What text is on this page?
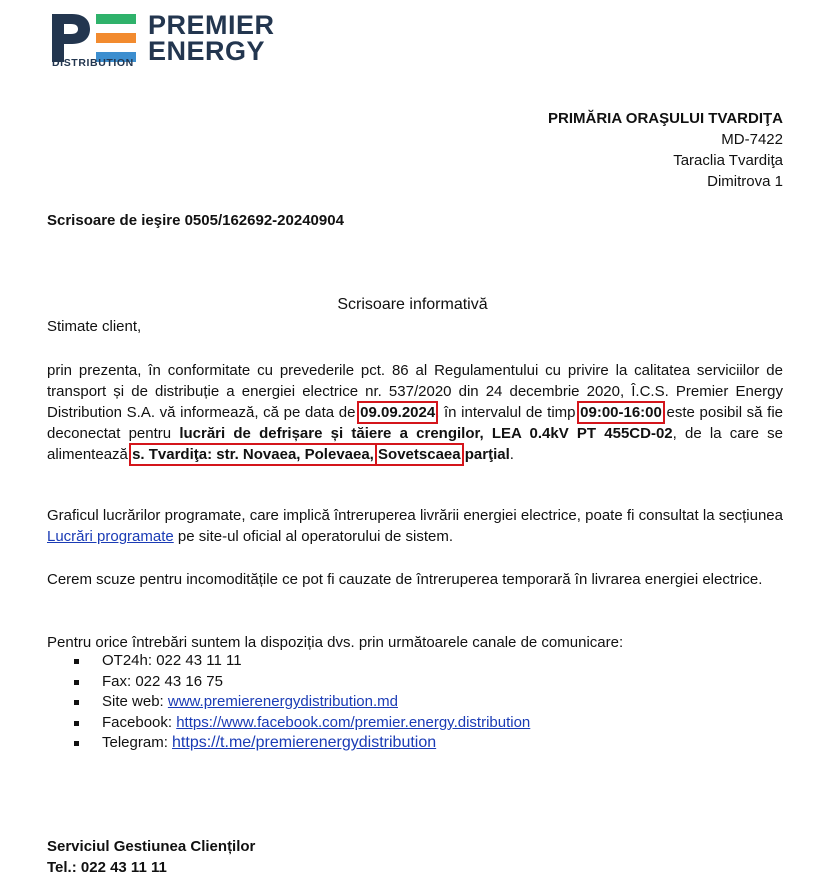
PREMIER
ENERGY
DISTRIBUTION
PRIMĂRIA ORAŞULUI TVARDIŢA
MD-7422
Taraclia Tvardiţa
Dimitrova 1
Scrisoare de ieşire 0505/162692-20240904
Scrisoare informativă
Stimate client,
prin prezenta, în conformitate cu prevederile pct. 86 al Regulamentului cu privire la calitatea serviciilor de transport și de distribuție a energiei electrice nr. 537/2020 din 24 decembrie 2020, Î.C.S. Premier Energy Distribution S.A. vă informează, că pe data de 09.09.2024, în intervalul de timp 09:00-16:00 este posibil să fie deconectat pentru lucrări de defrișare și tăiere a crengilor, LEA 0.4kV PT 455CD-02, de la care se alimentează s. Tvardiţa: str. Novaea, Polevaea, Sovetscaea parţial.
Graficul lucrărilor programate, care implică întreruperea livrării energiei electrice, poate fi consultat la secțiunea Lucrări programate pe site-ul oficial al operatorului de sistem.
Cerem scuze pentru incomoditățile ce pot fi cauzate de întreruperea temporară în livrarea energiei electrice.
Pentru orice întrebări suntem la dispoziția dvs. prin următoarele canale de comunicare:
OT24h: 022 43 11 11
Fax: 022 43 16 75
Site web: www.premierenergydistribution.md
Facebook: https://www.facebook.com/premier.energy.distribution
Telegram: https://t.me/premierenergydistribution
Serviciul Gestiunea Clienților
Tel.: 022 43 11 11
